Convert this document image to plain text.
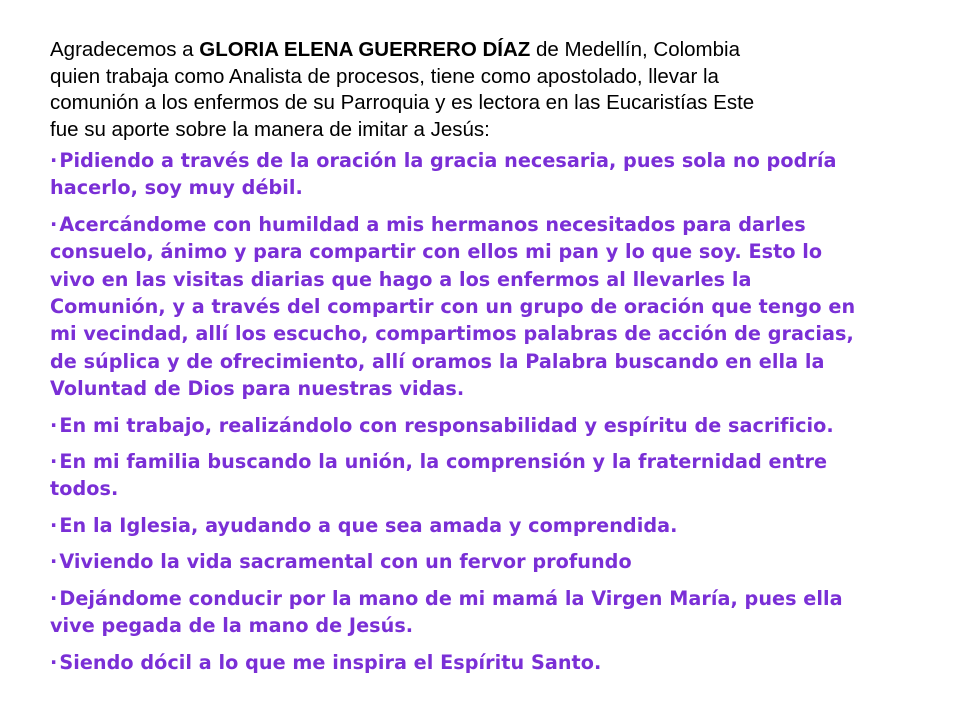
Agradecemos a GLORIA ELENA GUERRERO DÍAZ de Medellín, Colombia
quien trabaja como Analista de procesos, tiene como apostolado, llevar la
comunión a los enfermos de su Parroquia y es lectora en las Eucaristías Este
fue su aporte sobre la manera de imitar a Jesús:

· Pidiendo a través de la oración la gracia necesaria, pues sola no podría
hacerlo, soy muy débil.
· Acercándome con humildad a mis hermanos necesitados para darles
consuelo, ánimo y para compartir con ellos mi pan y lo que soy. Esto lo
vivo en las visitas diarias que hago a los enfermos al llevarles la
Comunión, y a través del compartir con un grupo de oración que tengo en
mi vecindad, allí los escucho, compartimos palabras de acción de gracias,
de súplica y de ofrecimiento, allí oramos la Palabra buscando en ella la
Voluntad de Dios para nuestras vidas.
· En mi trabajo, realizándolo con responsabilidad y espíritu de sacrificio.
· En mi familia buscando la unión, la comprensión y la fraternidad entre
todos.
· En la Iglesia, ayudando a que sea amada y comprendida.
· Viviendo la vida sacramental con un fervor profundo
· Dejándome conducir por la mano de mi mamá la Virgen María, pues ella
vive pegada de la mano de Jesús.
· Siendo dócil a lo que me inspira el Espíritu Santo.
